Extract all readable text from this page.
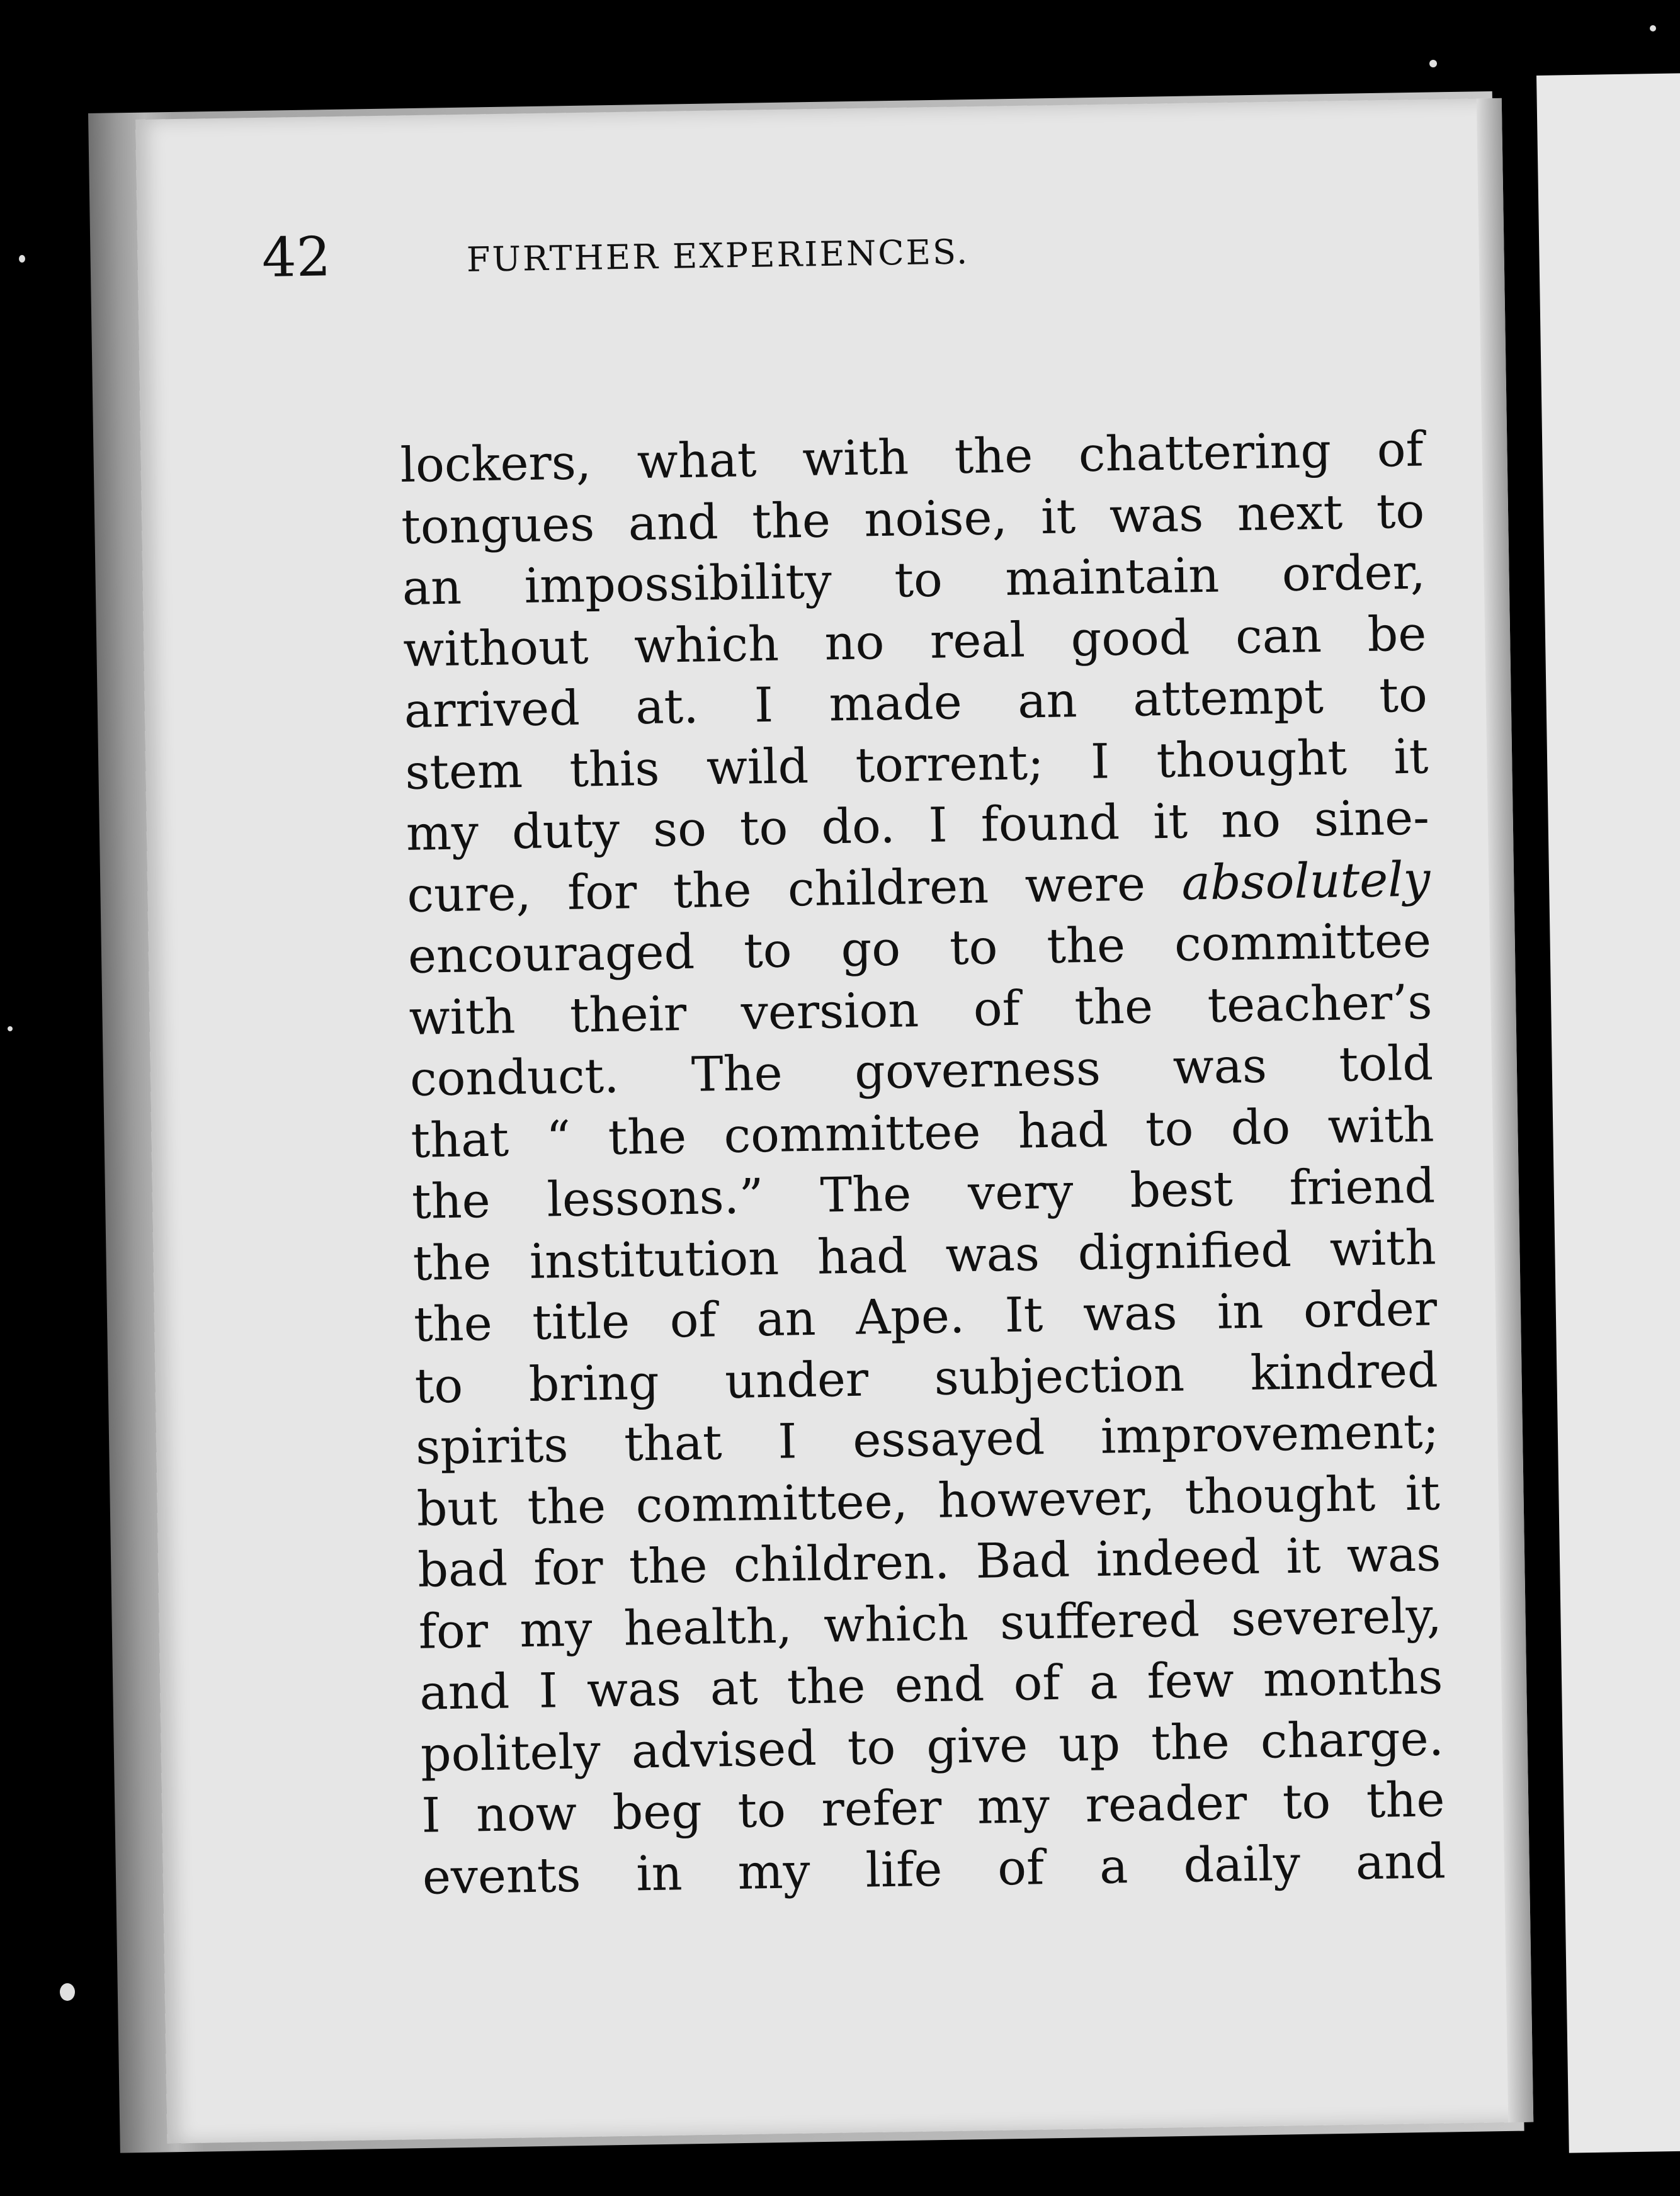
42	FURTHER EXPERIENCES.
lockers, what with the chattering of
tongues and the noise, it was next to
an impossibility to maintain order,
without which no real good can be
arrived at. I made an attempt to
stem this wild torrent; I thought it
my duty so to do. I found it no sine-
cure, for the children were absolutely
encouraged to go to the committee
with their version of the teacher’s
conduct. The governess was told
that “ the committee had to do with
the lessons.” The very best friend
the institution had was dignified with
the title of an Ape. It was in order
to bring under subjection kindred
spirits that I essayed improvement;
but the committee, however, thought it
bad for the children. Bad indeed it was
for my health, which suffered severely,
and I was at the end of a few months
politely advised to give up the charge.
I now beg to refer my reader to the
events in my life of a daily and
